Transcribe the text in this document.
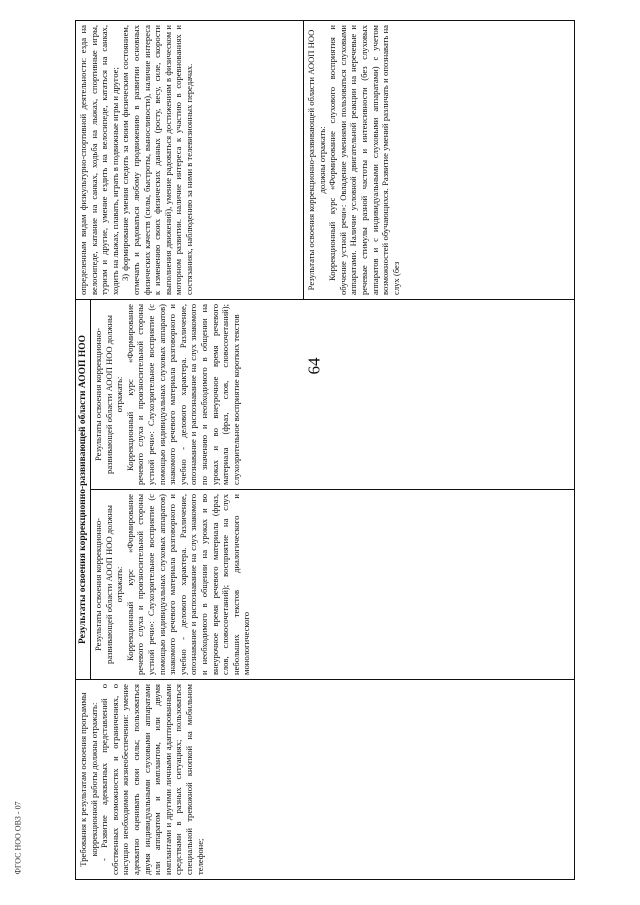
64
ФГОС НОО ОВЗ - 07	Требования к результатам освоения программы коррекционной работы должны отражать: - Развитие адекватных представлений о собственных возможностях и ограничениях, о насущно необходимом жизнеобеспечении: умение адекватно оценивать свои силы; пользоваться двумя индивидуальными слуховыми аппаратами или аппаратом и имплантом, или двумя имплантами и другими личными адаптированными средствами в разных ситуациях; пользоваться специальной тревожной кнопкой на мобильном телефоне;

Результаты освоения коррекционно-развивающей области АООП НОО Результаты освоения коррекционно-развивающей области АООП НОО должны отражать: Коррекционный курс «Формирование речевого слуха и произносительной стороны устной речи»: Слухозрительное восприятие (с помощью индивидуальных слуховых аппаратов) знакомого речевого материала разговорного и учебно - делового характера. Различение, опознавание и распознавание на слух знакомого и необходимого в общении на уроках и во внеурочное время речевого материала (фраз, слов, словосочетаний); восприятие на слух небольших текстов диалогического и монологического

Результаты освоения коррекционно-развивающей области АООП НОО должны отражать: Коррекционный курс «Формирование речевого слуха и произносительной стороны устной речи»: Слухозрительное восприятие (с помощью индивидуальных слуховых аппаратов) знакомого речевого материала разговорного и учебно - делового характера. Различение, опознавание и распознавание на слух знакомого по значению и необходимого в общении на уроках и во внеурочное время речевого материала (фраз, слов, словосочетаний); слухозрительное восприятие коротких текстов

определенным видам физкультурно-спортивной деятельности: езда на велосипеде, катание на санках, ходьба на лыжах, спортивные игры, туризм и другие, умение ездить на велосипеде, кататься на санках, ходить на лыжах, плавать, играть в подвижные игры и другое; 3) формирование умения следить за своим физическим состоянием, отмечать и радоваться любому продвижению в развитии основных физических качеств (силы, быстроты, выносливости), наличие интереса к изменению своих физических данных (росту, весу, силе, скорости выполнения движений), умение радоваться достижениям в физическом и моторном развитии. наличие интереса к участию в соревнованиях и состязаниях, наблюдению за ними в телевизионных передачах.	Результаты освоения коррекционно-развивающей области АООП НОО должны отражать: Коррекционный курс «Формирование слухового восприятия и обучение устной речи»: Овладение умениями пользоваться слуховыми аппаратами. Наличие условной двигательной реакции на неречевые и речевые стимулы разной частоты и интенсивности (без слуховых аппаратов и с индивидуальными слуховыми аппаратами) с учетом возможностей обучающихся. Развитие умений различать и опознавать на слух (без
